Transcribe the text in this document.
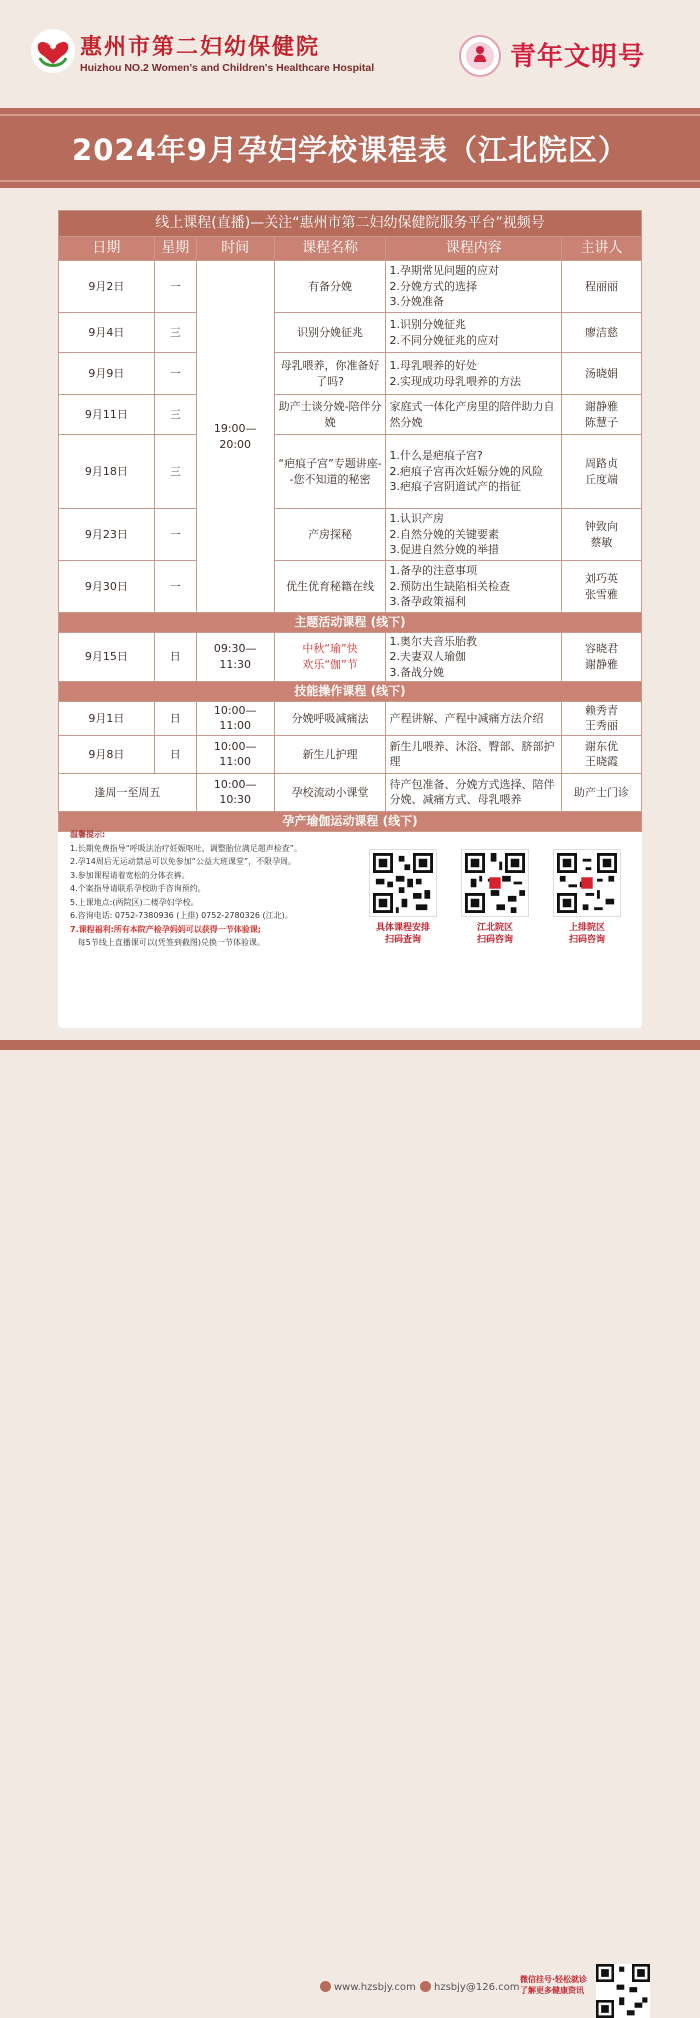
惠州市第二妇幼保健院
Huizhou NO.2 Women's and Children's Healthcare Hospital	青年文明号
2024年9月孕妇学校课程表（江北院区）
线上课程(直播)—关注“惠州市第二妇幼保健院服务平台”视频号					
日期	星期	时间	课程名称	课程内容	主讲人
9月2日	一	19:00—20:00	有备分娩	1.孕期常见问题的应对
2.分娩方式的选择
3.分娩准备	程丽丽
9月4日	三		识别分娩征兆	1.识别分娩征兆
2.不同分娩征兆的应对	廖洁慈
9月9日	一		母乳喂养，你准备好了吗?	1.母乳喂养的好处
2.实现成功母乳喂养的方法	汤晓娟
9月11日	三		助产士谈分娩-陪伴分娩	家庭式一体化产房里的陪伴助力自然分娩	谢静雅
陈慧子
9月18日	三		“疤痕子宫”专题讲座--您不知道的秘密	1.什么是疤痕子宫?
2.疤痕子宫再次妊娠分娩的风险
3.疤痕子宫阴道试产的指征	周路贞
丘度端
9月23日	一		产房探秘	1.认识产房
2.自然分娩的关键要素
3.促进自然分娩的举措	钟致向
蔡敏
9月30日	一		优生优育秘籍在线	1.备孕的注意事项
2.预防出生缺陷相关检查
3.备孕政策福利	刘巧英
张雪雅
主题活动课程 (线下)					
9月15日	日	09:30—11:30	中秋“瑜”快
欢乐“伽”节	1.奥尔夫音乐胎教
2.夫妻双人瑜伽
3.备战分娩	容晓君
谢静雅
技能操作课程 (线下)					
9月1日	日	10:00—11:00	分娩呼吸减痛法	产程讲解、产程中减痛方法介绍	赖秀青
王秀丽
9月8日	日	10:00—11:00	新生儿护理	新生儿喂养、沐浴、臀部、脐部护理	谢东优
王晓霞
逢周一至周五		10:00—10:30	孕校流动小课堂	待产包准备、分娩方式选择、陪伴分娩、减痛方式、母乳喂养	助产士门诊
孕产瑜伽运动课程 (线下)					
温馨提示:
1.长期免费指导“呼吸法治疗妊娠呕吐、调整胎位满足超声检查”。
2.孕14周后无运动禁忌可以免参加“公益大班课堂”，不限孕周。
3.参加课程请着宽松的分体衣裤。
4.个案指导请联系孕校助手咨询预约。
5.上课地点:(两院区)二楼孕妇学校。
6.咨询电话: 0752-7380936 (上排) 0752-2780326 (江北)。
7.课程福利:所有本院产检孕妈妈可以获得一节体验课;
每5节线上直播课可以(凭签到截图)兑换一节体验课。
具体课程安排
扫码查询
江北院区
扫码咨询
上排院区
扫码咨询
www.hzsbjy.com	hzsbjy@126.com
微信挂号·轻松就诊
了解更多健康资讯
